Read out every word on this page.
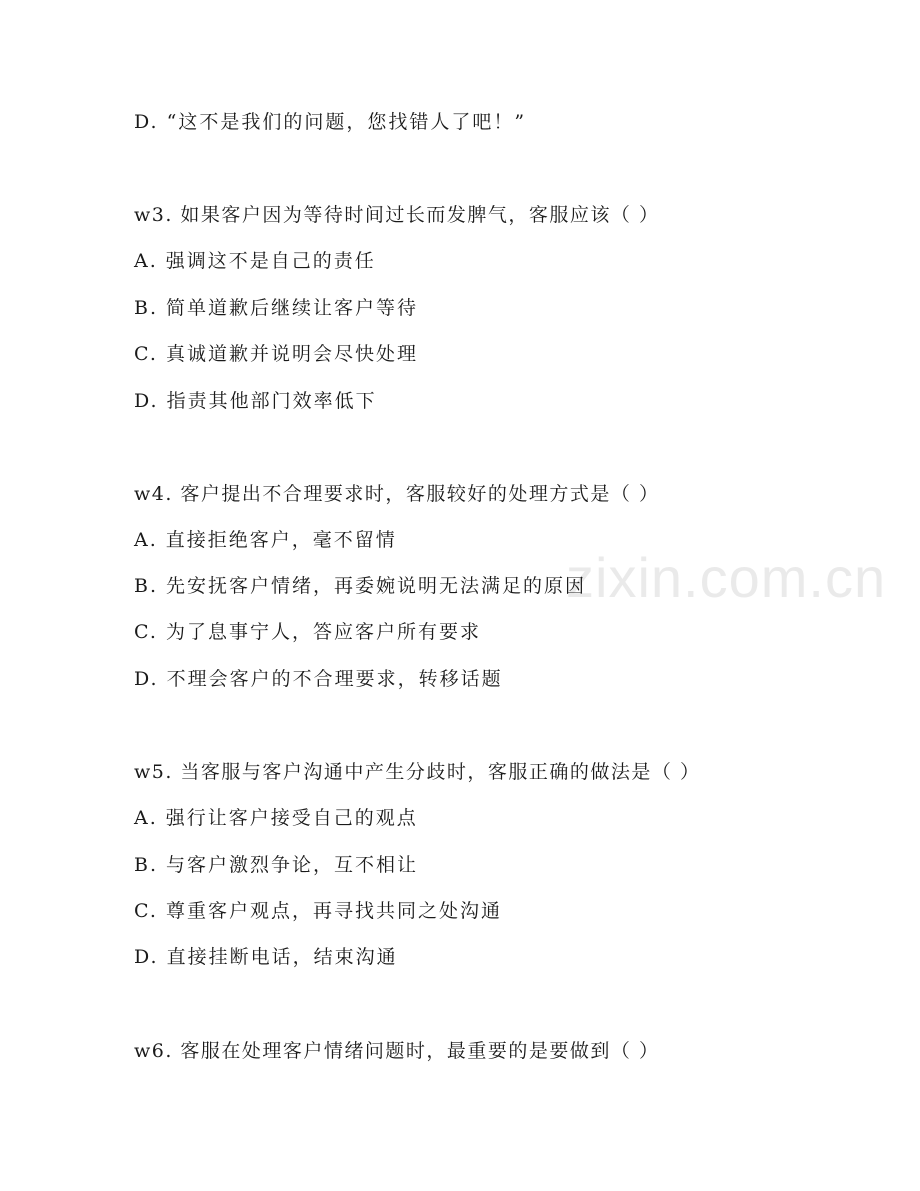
zixin.com.cn
D. “这不是我们的问题，您找错人了吧！”
w3. 如果客户因为等待时间过长而发脾气，客服应该（ ）
A. 强调这不是自己的责任
B. 简单道歉后继续让客户等待
C. 真诚道歉并说明会尽快处理
D. 指责其他部门效率低下
w4. 客户提出不合理要求时，客服较好的处理方式是（ ）
A. 直接拒绝客户，毫不留情
B. 先安抚客户情绪，再委婉说明无法满足的原因
C. 为了息事宁人，答应客户所有要求
D. 不理会客户的不合理要求，转移话题
w5. 当客服与客户沟通中产生分歧时，客服正确的做法是（ ）
A. 强行让客户接受自己的观点
B. 与客户激烈争论，互不相让
C. 尊重客户观点，再寻找共同之处沟通
D. 直接挂断电话，结束沟通
w6. 客服在处理客户情绪问题时，最重要的是要做到（ ）
